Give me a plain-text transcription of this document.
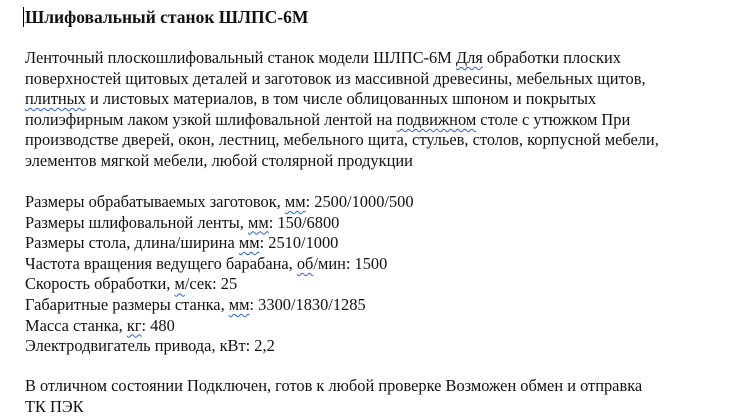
Шлифовальный станок ШЛПС-6М
Ленточный плоскошлифовальный станок модели ШЛПС-6М Для обработки плоских
поверхностей щитовых деталей и заготовок из массивной древесины, мебельных щитов,
плитных и листовых материалов, в том числе облицованных шпоном и покрытых
полиэфирным лаком узкой шлифовальной лентой на подвижном столе с утюжком При
производстве дверей, окон, лестниц, мебельного щита, стульев, столов, корпусной мебели,
элементов мягкой мебели, любой столярной продукции
Размеры обрабатываемых заготовок, мм: 2500/1000/500
Размеры шлифовальной ленты, мм: 150/6800
Размеры стола, длина/ширина мм: 2510/1000
Частота вращения ведущего барабана, об/мин: 1500
Скорость обработки, м/сек: 25
Габаритные размеры станка, мм: 3300/1830/1285
Масса станка, кг: 480
Электродвигатель привода, кВт: 2,2
В отличном состоянии Подключен, готов к любой проверке Возможен обмен и отправка
ТК ПЭК
